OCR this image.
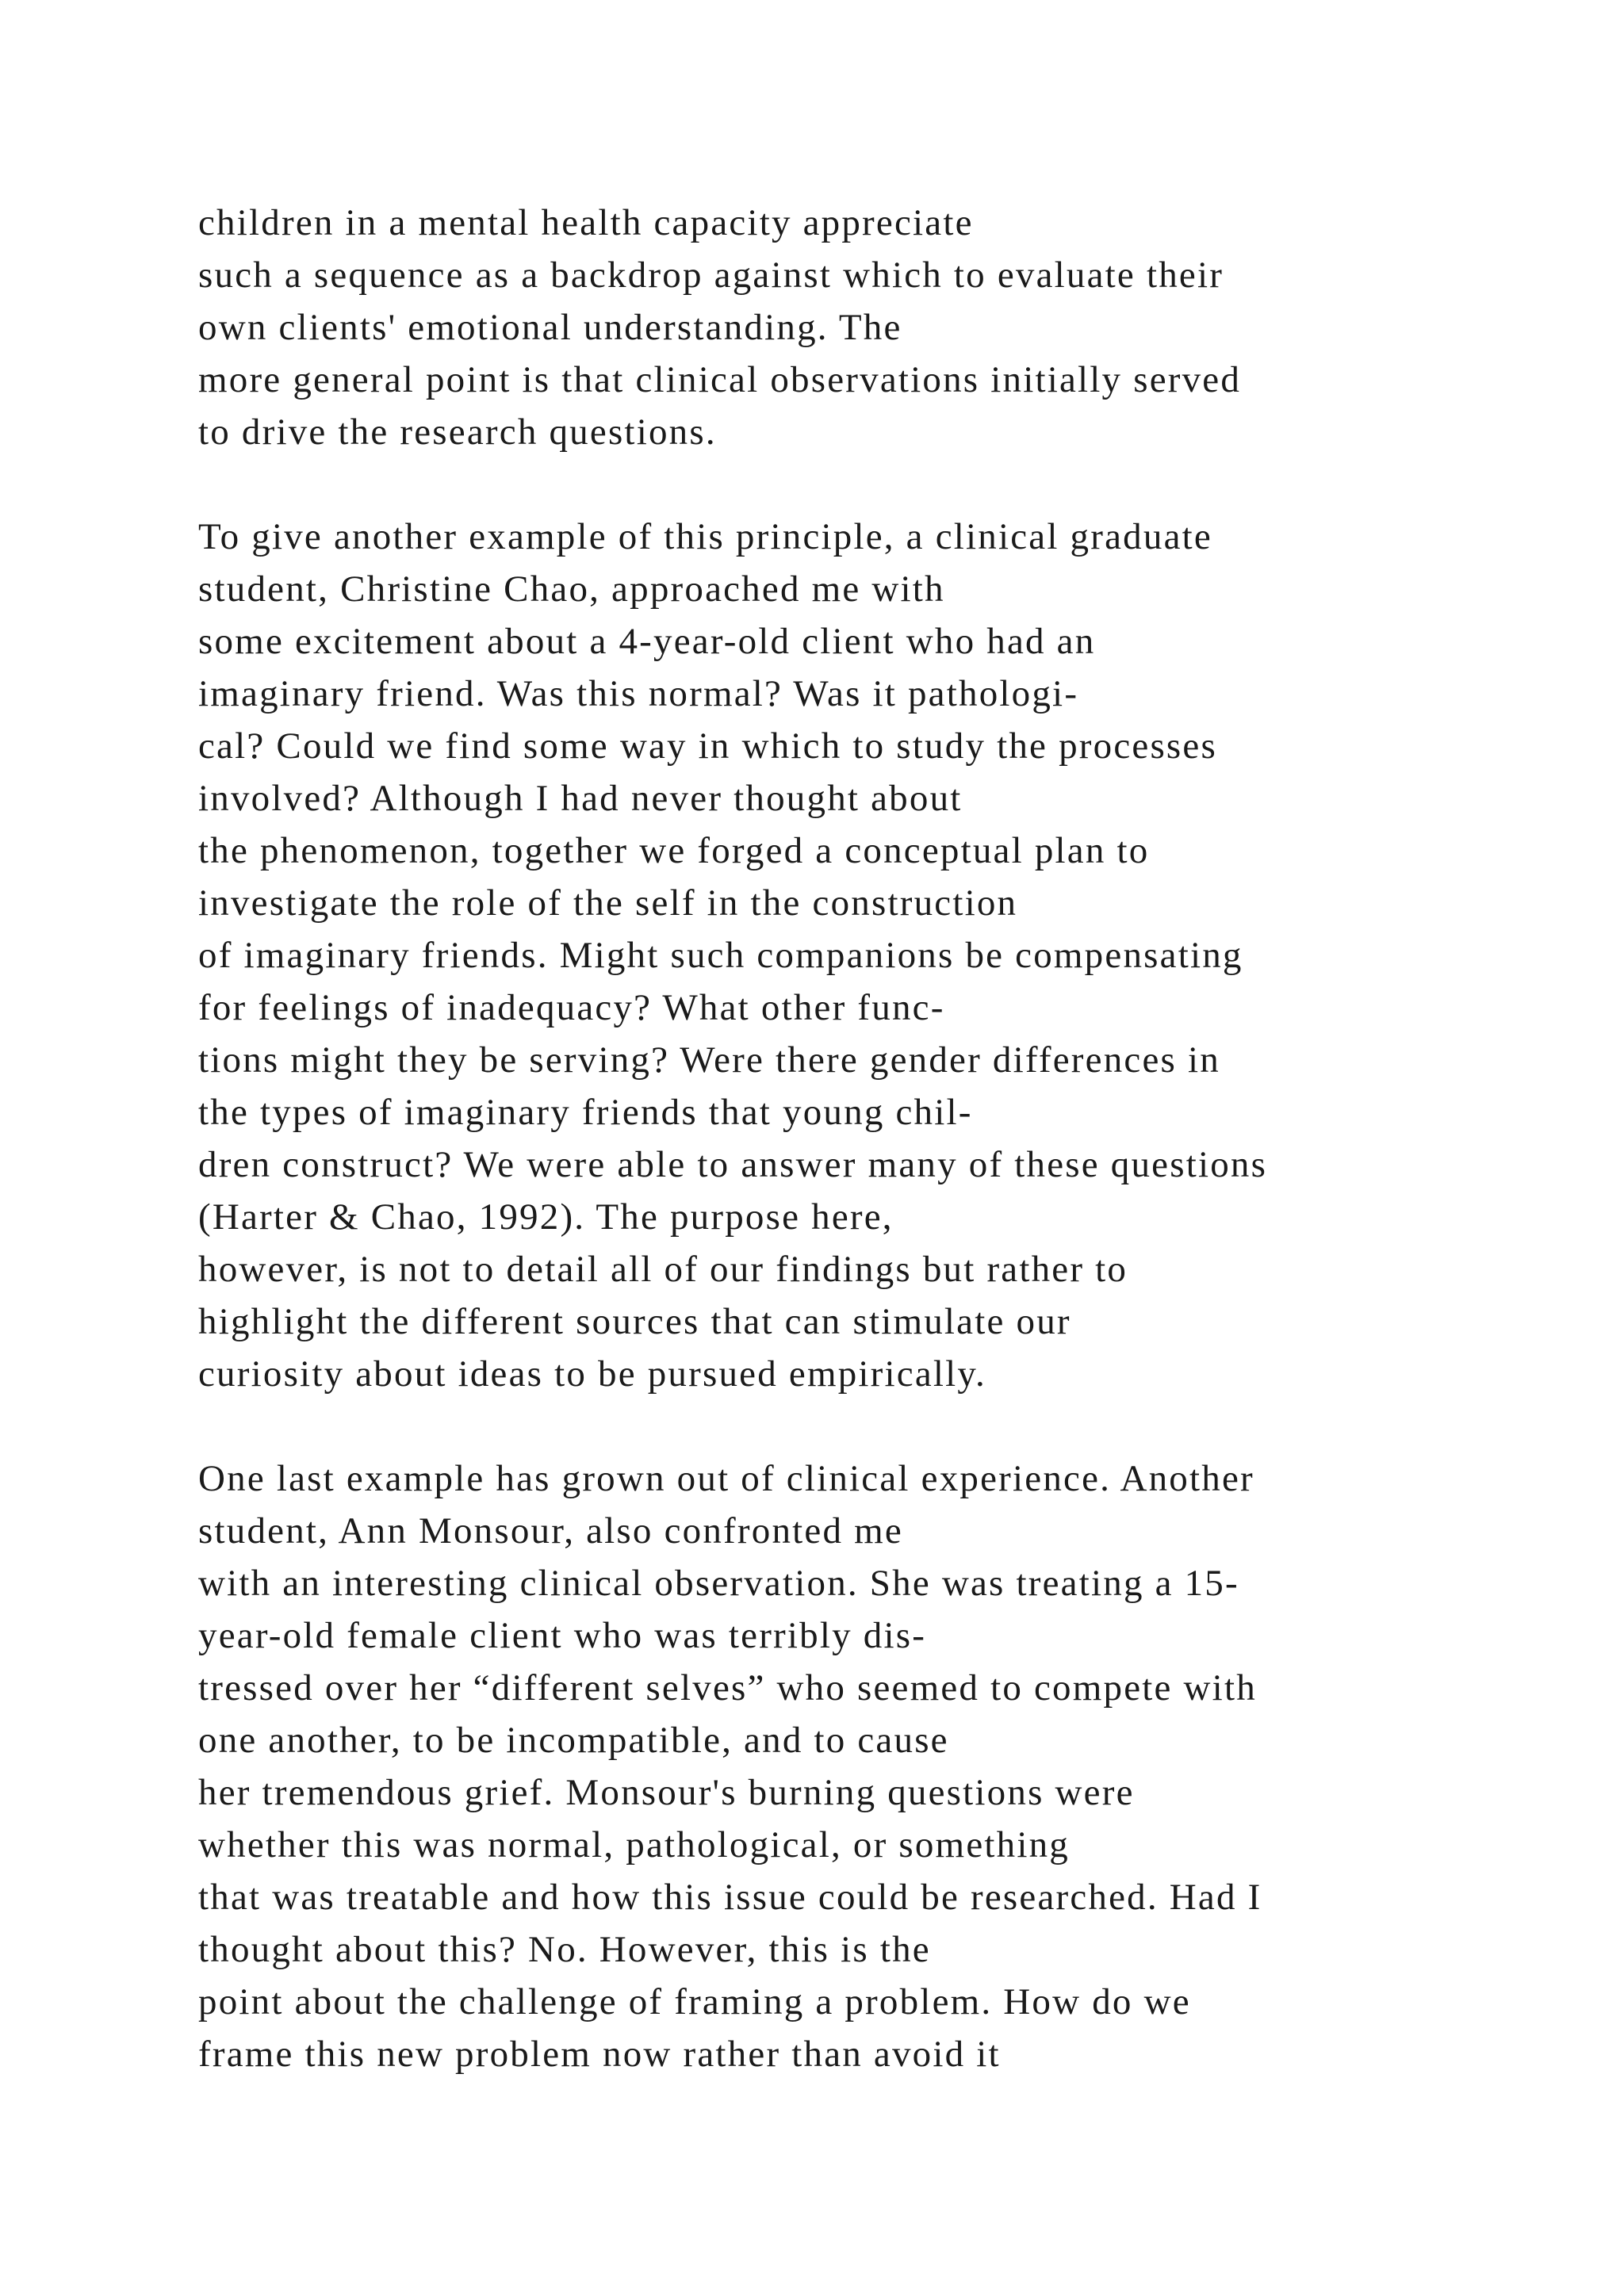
children in a mental health capacity appreciate
such a sequence as a backdrop against which to evaluate their
own clients' emotional understanding. The
more general point is that clinical observations initially served
to drive the research questions.

To give another example of this principle, a clinical graduate
student, Christine Chao, approached me with
some excitement about a 4-year-old client who had an
imaginary friend. Was this normal? Was it pathologi-
cal? Could we find some way in which to study the processes
involved? Although I had never thought about
the phenomenon, together we forged a conceptual plan to
investigate the role of the self in the construction
of imaginary friends. Might such companions be compensating
for feelings of inadequacy? What other func-
tions might they be serving? Were there gender differences in
the types of imaginary friends that young chil-
dren construct? We were able to answer many of these questions
(Harter & Chao, 1992). The purpose here,
however, is not to detail all of our findings but rather to
highlight the different sources that can stimulate our
curiosity about ideas to be pursued empirically.

One last example has grown out of clinical experience. Another
student, Ann Monsour, also confronted me
with an interesting clinical observation. She was treating a 15-
year-old female client who was terribly dis-
tressed over her “different selves” who seemed to compete with
one another, to be incompatible, and to cause
her tremendous grief. Monsour's burning questions were
whether this was normal, pathological, or something
that was treatable and how this issue could be researched. Had I
thought about this? No. However, this is the
point about the challenge of framing a problem. How do we
frame this new problem now rather than avoid it
